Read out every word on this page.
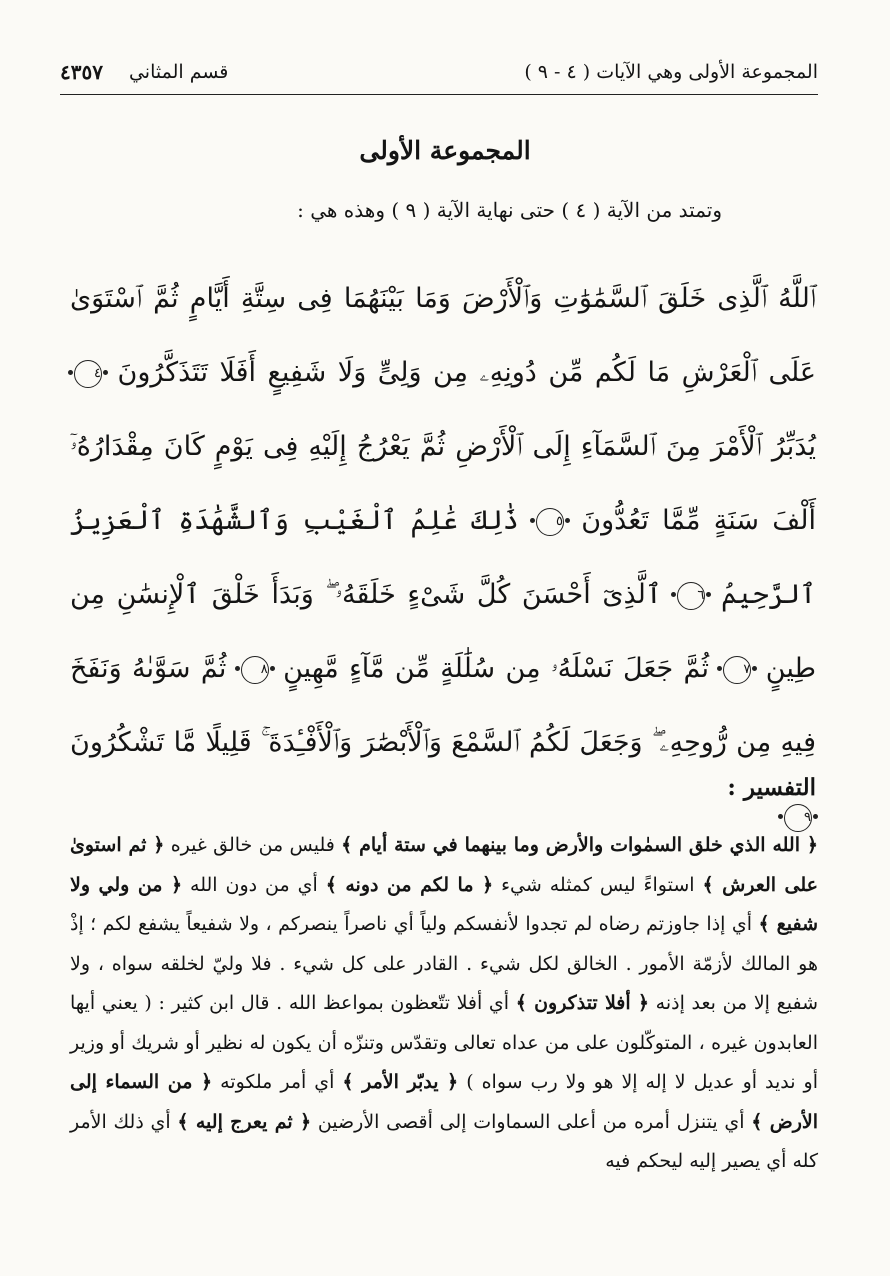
المجموعة الأولى وهي الآيات ( ٤ - ٩ )
قسم المثاني
٤٣٥٧
المجموعة الأولى
وتمتد من الآية ( ٤ ) حتى نهاية الآية ( ٩ ) وهذه هي :
ٱللَّهُ ٱلَّذِى خَلَقَ ٱلسَّمَٰوَٰتِ وَٱلْأَرْضَ وَمَا بَيْنَهُمَا فِى سِتَّةِ أَيَّامٍ ثُمَّ ٱسْتَوَىٰ عَلَى ٱلْعَرْشِ مَا لَكُم مِّن دُونِهِۦ مِن وَلِىٍّ وَلَا شَفِيعٍ أَفَلَا تَتَذَكَّرُونَ ٤ يُدَبِّرُ ٱلْأَمْرَ مِنَ ٱلسَّمَآءِ إِلَى ٱلْأَرْضِ ثُمَّ يَعْرُجُ إِلَيْهِ فِى يَوْمٍ كَانَ مِقْدَارُهُۥٓ أَلْفَ سَنَةٍ مِّمَّا تَعُدُّونَ ٥ ذَٰلِكَ عَٰلِمُ ٱلْغَيْبِ وَٱلشَّهَٰدَةِ ٱلْعَزِيزُ ٱلرَّحِيمُ ٦ ٱلَّذِىٓ أَحْسَنَ كُلَّ شَىْءٍ خَلَقَهُۥ ۖ وَبَدَأَ خَلْقَ ٱلْإِنسَٰنِ مِن طِينٍ ٧ ثُمَّ جَعَلَ نَسْلَهُۥ مِن سُلَٰلَةٍ مِّن مَّآءٍ مَّهِينٍ ٨ ثُمَّ سَوَّىٰهُ وَنَفَخَ فِيهِ مِن رُّوحِهِۦ ۖ وَجَعَلَ لَكُمُ ٱلسَّمْعَ وَٱلْأَبْصَٰرَ وَٱلْأَفْـِٔدَةَ ۚ قَلِيلًا مَّا تَشْكُرُونَ ٩
التفسير :
﴿ الله الذي خلق السمٰوات والأرض وما بينهما في ستة أيام ﴾ فليس من خالق غيره ﴿ ثم استوىٰ على العرش ﴾ استواءً ليس كمثله شيء ﴿ ما لكم من دونه ﴾ أي من دون الله ﴿ من ولي ولا شفيع ﴾ أي إذا جاوزتم رضاه لم تجدوا لأنفسكم ولياً أي ناصراً ينصركم ، ولا شفيعاً يشفع لكم ؛ إذْ هو المالك لأزمّة الأمور . الخالق لكل شيء . القادر على كل شيء . فلا وليّ لخلقه سواه ، ولا شفيع إلا من بعد إذنه ﴿ أفلا تتذكرون ﴾ أي أفلا تتّعظون بمواعظ الله . قال ابن كثير : ( يعني أيها العابدون غيره ، المتوكّلون على من عداه تعالى وتقدّس وتنزّه أن يكون له نظير أو شريك أو وزير أو نديد أو عديل لا إله إلا هو ولا رب سواه ) ﴿ يدبّر الأمر ﴾ أي أمر ملكوته ﴿ من السماء إلى الأرض ﴾ أي يتنزل أمره من أعلى السماوات إلى أقصى الأرضين ﴿ ثم يعرج إليه ﴾ أي ذلك الأمر كله أي يصير إليه ليحكم فيه
